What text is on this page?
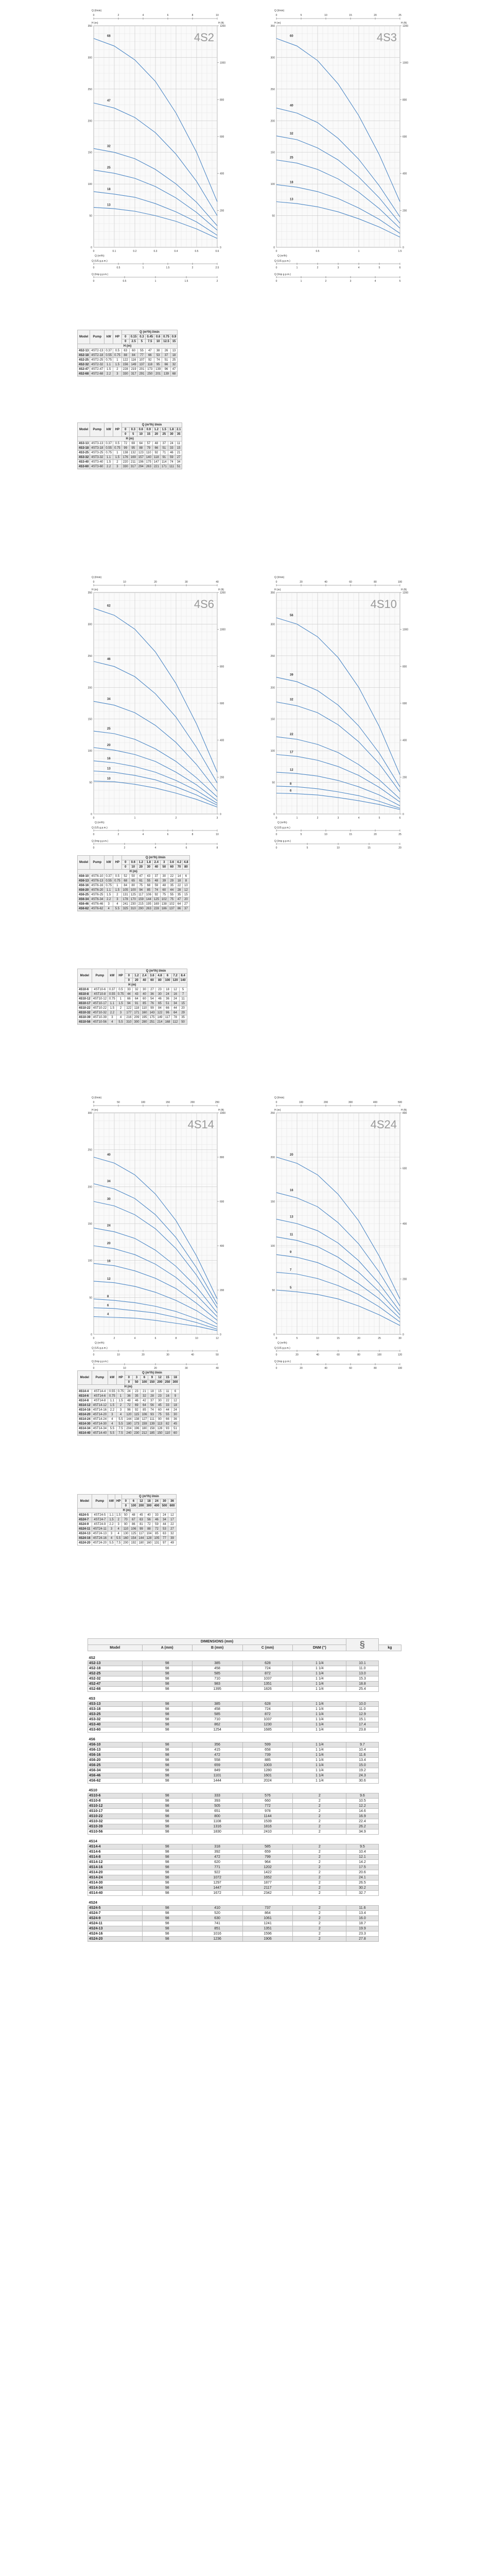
0
50
100
150
200
250
300
350
0
200
400
600
800
1000
1200
0	0.1	0.2	0.3	0.4	0.5	0.6
0	2	4	6	8	10
Q (l/min)
H (m)	H (ft)
Q (m³/h)
0	0.5	1	1.5	2	2.5
Q (US g.p.m.)
0	0.5	1	1.5	2
Q (Imp g.p.m.)
68
47
32
25
18
13
4S2
0
50
100
150
200
250
300
350
0
200
400
600
800
1000
1200
0	0.5	1	1.5
0	5	10	15	20	25
Q (l/min)
H (m)	H (ft)
Q (m³/h)
0	1	2	3	4	5	6
Q (US g.p.m.)
0	1	2	3	4	5
Q (Imp g.p.m.)
60
40
32
25
18
13
4S3
0
50
100
150
200
250
300
350
0
200
400
600
800
1000
1200
0	1	2	3
0	10	20	30	40
Q (l/min)
H (m)	H (ft)
Q (m³/h)
0	2	4	6	8	10
Q (US g.p.m.)
0	2	4	6	8
Q (Imp g.p.m.)
62
46
34
25
20
16
13
10
4S6
0
50
100
150
200
250
300
350
0
200
400
600
800
1000
1200
0	1	2	3	4	5	6
0	20	40	60	80	100
Q (l/min)
H (m)	H (ft)
Q (m³/h)
0	5	10	15	20	25
Q (US g.p.m.)
0	5	10	15	20
Q (Imp g.p.m.)
56
39
32
22
17
12
8
6
4S10
0
50
100
150
200
250
300
0
200
400
600
800
1000
0	2	4	6	8	10	12
0	50	100	150	200	250
Q (l/min)
H (m)	H (ft)
Q (m³/h)
0	10	20	30	40	50
Q (US g.p.m.)
0	10	20	30	40
Q (Imp g.p.m.)
40
34
30
24
20
16
12
8
6
4
4S14
0
50
100
150
200
250
0
200
400
600
800
0	5	10	15	20	25	30
0	100	200	300	400	500
Q (l/min)
H (m)	H (ft)
Q (m³/h)
0	20	40	60	80	100	120
Q (US g.p.m.)
0	20	40	60	80	100
Q (Imp g.p.m.)
20
16
13
11
9
7
5
4S24
Model	Pump	kW	HP	Q (m³/h) l/min						
				0	0.15	0.3	0.45	0.6	0.75	0.9
				0	2.5	5	7.5	10	12.5	15
H (m)										
4S2-13	4ST2-13	0.37	0.5	63	60	55	47	38	26	13
4S2-18	4ST2-18	0.55	0.75	88	84	77	66	53	37	18
4S2-25	4ST2-25	0.75	1	122	116	107	92	74	51	25
4S2-32	4ST2-32	1.1	1.5	156	149	137	118	95	66	32
4S2-47	4ST2-47	1.5	2	228	219	201	173	139	96	47
4S2-68	4ST2-68	2.2	3	330	317	291	250	201	139	68
Model	Pump	kW	HP	Q (m³/h) l/min							
				0	0.3	0.6	0.9	1.2	1.5	1.8	2.1
				0	5	10	15	20	25	30	35
H (m)											
4S3-13	4ST3-13	0.37	0.5	72	69	64	57	48	37	24	11
4S3-18	4ST3-18	0.55	0.75	99	95	88	79	66	51	33	15
4S3-25	4ST3-25	0.75	1	138	132	123	110	92	71	46	21
4S3-32	4ST3-32	1.1	1.5	176	169	157	140	118	91	59	27
4S3-40	4ST3-40	1.5	2	220	211	196	175	147	114	74	34
4S3-60	4ST3-60	2.2	3	330	317	294	263	221	171	111	51
Model	Pump	kW	HP	Q (m³/h) l/min								
				0	0.6	1.2	1.8	2.4	3	3.6	4.2	4.8
				0	10	20	30	40	50	60	70	80
H (m)												
4S6-10	4ST6-10	0.37	0.5	52	50	47	43	37	30	22	14	6
4S6-13	4ST6-13	0.55	0.75	68	65	61	55	48	39	29	18	8
4S6-16	4ST6-16	0.75	1	84	80	75	68	59	48	35	22	10
4S6-20	4ST6-20	1.1	1.5	105	100	94	85	74	60	44	28	12
4S6-25	4ST6-25	1.5	2	131	125	117	106	92	75	55	35	15
4S6-34	4ST6-34	2.2	3	178	170	159	144	125	102	75	47	20
4S6-46	4ST6-46	3	4	241	230	215	195	169	138	102	64	27
4S6-62	4ST6-62	4	5.5	325	310	290	263	228	186	137	86	37
Model	Pump	kW	HP	Q (m³/h) l/min							
				0	1.2	2.4	3.6	4.8	6	7.2	8.4
				0	20	40	60	80	100	120	140
H (m)											
4S10-6	4ST10-6	0.37	0.5	33	32	30	27	23	18	12	5
4S10-8	4ST10-8	0.55	0.75	44	43	40	36	30	24	16	7
4S10-12	4ST10-12	0.75	1	66	64	60	54	46	36	24	11
4S10-17	4ST10-17	1.1	1.5	94	91	85	76	65	51	34	15
4S10-22	4ST10-22	1.5	2	122	118	110	99	84	66	44	20
4S10-32	4ST10-32	2.2	3	177	171	160	143	122	96	64	29
4S10-39	4ST10-39	3	4	216	209	195	175	149	117	78	35
4S10-56	4ST10-56	4	5.5	310	300	280	251	214	168	112	50
Model	Pump	kW	HP	Q (m³/h) l/min						
				0	3	6	9	12	15	18
				0	50	100	150	200	250	300
H (m)										
4S14-4	4ST14-4	0.55	0.75	24	23	21	18	15	11	6
4S14-6	4ST14-6	0.75	1	36	35	32	28	23	16	9
4S14-8	4ST14-8	1.1	1.5	48	46	42	37	30	22	12
4S14-12	4ST14-12	1.5	2	72	69	64	56	45	33	18
4S14-16	4ST14-16	2.2	3	96	92	85	74	60	44	24
4S14-20	4ST14-20	3	4	120	115	106	93	75	55	30
4S14-24	4ST14-24	4	5.5	144	138	127	111	90	66	36
4S14-30	4ST14-30	4	5.5	180	173	159	139	113	82	45
4S14-34	4ST14-34	5.5	7.5	204	196	180	158	128	93	51
4S14-40	4ST14-40	5.5	7.5	240	230	212	185	150	110	60
Model	Pump	kW	HP	Q (m³/h) l/min						
				0	6	12	18	24	30	36
				0	100	200	300	400	500	600
H (m)										
4S24-5	4ST24-5	1.1	1.5	50	48	45	40	33	24	12
4S24-7	4ST24-7	1.5	2	70	67	63	56	46	34	17
4S24-9	4ST24-9	2.2	3	90	86	81	72	59	44	22
4S24-11	4ST24-11	3	4	110	106	99	88	72	53	27
4S24-13	4ST24-13	3	4	130	125	117	104	85	63	32
4S24-16	4ST24-16	4	5.5	160	154	144	128	105	77	39
4S24-20	4ST24-20	5.5	7.5	200	192	180	160	131	97	49
DIMENSIONS (mm)					§	
Model	A (mm)	B (mm)	C (mm)	DNM (")		kg
4S2						
4S2-13	98	385	628	1 1/4	10.1	
4S2-18	98	458	724	1 1/4	11.0	
4S2-25	98	585	872	1 1/4	13.0	
4S2-32	98	710	1037	1 1/4	15.3	
4S2-47	98	983	1351	1 1/4	18.8	
4S2-68	98	1395	1826	1 1/4	25.4	
4S3						
4S3-13	98	385	628	1 1/4	10.0	
4S3-18	98	458	724	1 1/4	11.0	
4S3-25	98	585	872	1 1/4	12.9	
4S3-32	98	710	1037	1 1/4	15.1	
4S3-40	98	862	1230	1 1/4	17.4	
4S3-60	98	1254	1685	1 1/4	23.8	
4S6						
4S6-10	98	356	599	1 1/4	9.7	
4S6-13	98	415	658	1 1/4	10.4	
4S6-16	98	472	739	1 1/4	11.6	
4S6-20	98	558	885	1 1/4	13.4	
4S6-25	98	659	1003	1 1/4	15.0	
4S6-34	98	849	1280	1 1/4	19.2	
4S6-46	98	1101	1601	1 1/4	24.3	
4S6-62	98	1444	2024	1 1/4	30.6	
4S10						
4S10-6	98	333	576	2	9.6	
4S10-8	98	393	660	2	10.5	
4S10-12	98	505	772	2	12.2	
4S10-17	98	651	978	2	14.6	
4S10-22	98	800	1144	2	16.9	
4S10-32	98	1108	1539	2	22.4	
4S10-39	98	1316	1816	2	26.2	
4S10-56	98	1830	2410	2	34.9	
4S14						
4S14-4	98	318	585	2	9.5	
4S14-6	98	392	659	2	10.4	
4S14-8	98	472	799	2	12.1	
4S14-12	98	620	964	2	14.2	
4S14-16	98	771	1202	2	17.5	
4S14-20	98	922	1422	2	20.6	
4S14-24	98	1072	1652	2	24.1	
4S14-30	98	1297	1877	2	26.5	
4S14-34	98	1447	2117	2	30.2	
4S14-40	98	1672	2342	2	32.7	
4S24						
4S24-5	98	410	737	2	11.6	
4S24-7	98	520	864	2	13.4	
4S24-9	98	630	1061	2	16.0	
4S24-11	98	741	1241	2	18.7	
4S24-13	98	851	1351	2	19.9	
4S24-16	98	1016	1596	2	23.3	
4S24-20	98	1236	1906	2	27.8	
